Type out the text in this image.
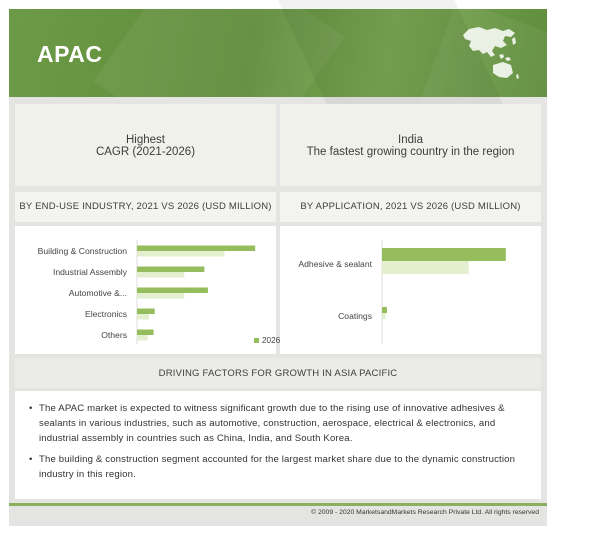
APAC
Highest
CAGR (2021-2026)
India
The fastest growing country in the region
BY END-USE INDUSTRY, 2021 VS 2026 (USD MILLION)	BY APPLICATION, 2021 VS 2026 (USD MILLION)
Building & Construction
Industrial Assembly
Automotive &...
Electronics
Others
2026
Adhesive & sealant
Coatings
DRIVING FACTORS FOR GROWTH IN ASIA PACIFIC
• The APAC market is expected to witness significant growth due to the rising use of innovative adhesives & sealants in various industries, such as automotive, construction, aerospace, electrical & electronics, and industrial assembly in countries such as China, India, and South Korea.
• The building & construction segment accounted for the largest market share due to the dynamic construction industry in this region.
© 2009 - 2020 MarketsandMarkets Research Private Ltd. All rights reserved
